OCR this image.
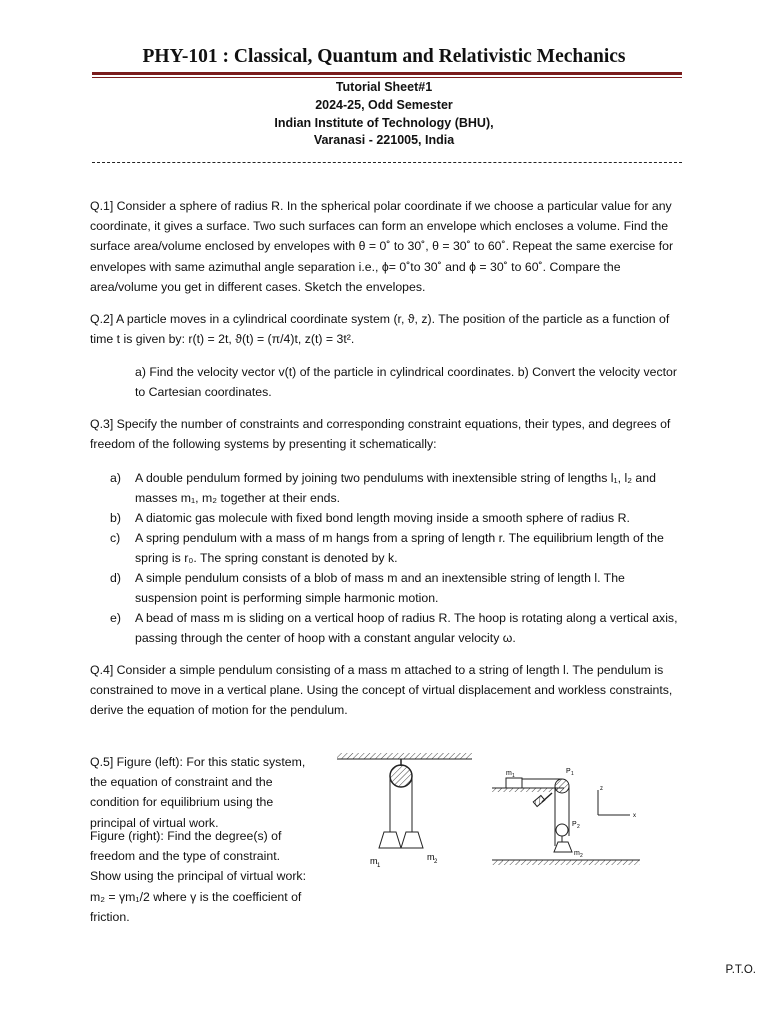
PHY-101 : Classical, Quantum and Relativistic Mechanics
Tutorial Sheet#1
2024-25, Odd Semester
Indian Institute of Technology (BHU),
Varanasi - 221005, India
Q.1] Consider a sphere of radius R. In the spherical polar coordinate if we choose a particular value for any coordinate, it gives a surface. Two such surfaces can form an envelope which encloses a volume. Find the surface area/volume enclosed by envelopes with θ = 0˚ to 30˚, θ = 30˚ to 60˚. Repeat the same exercise for envelopes with same azimuthal angle separation i.e., ϕ= 0˚to 30˚ and ϕ = 30˚ to 60˚. Compare the area/volume you get in different cases. Sketch the envelopes.
Q.2] A particle moves in a cylindrical coordinate system (r, ϑ, z). The position of the particle as a function of time t is given by: r(t) = 2t, ϑ(t) = (π/4)t, z(t) = 3t².
a) Find the velocity vector v(t) of the particle in cylindrical coordinates. b) Convert the velocity vector to Cartesian coordinates.
Q.3] Specify the number of constraints and corresponding constraint equations, their types, and degrees of freedom of the following systems by presenting it schematically:
a) A double pendulum formed by joining two pendulums with inextensible string of lengths l₁, l₂ and masses m₁, m₂ together at their ends.
b) A diatomic gas molecule with fixed bond length moving inside a smooth sphere of radius R.
c) A spring pendulum with a mass of m hangs from a spring of length r. The equilibrium length of the spring is r₀. The spring constant is denoted by k.
d) A simple pendulum consists of a blob of mass m and an inextensible string of length l. The suspension point is performing simple harmonic motion.
e) A bead of mass m is sliding on a vertical hoop of radius R. The hoop is rotating along a vertical axis, passing through the center of hoop with a constant angular velocity ω.
Q.4] Consider a simple pendulum consisting of a mass m attached to a string of length l. The pendulum is constrained to move in a vertical plane. Using the concept of virtual displacement and workless constraints, derive the equation of motion for the pendulum.
Q.5] Figure (left): For this static system, the equation of constraint and the condition for equilibrium using the principal of virtual work.
Figure (right): Find the degree(s) of freedom and the type of constraint. Show using the principal of virtual work: m₂ = γm₁/2 where γ is the coefficient of friction.
m 1
m 2
m 1
P 1
P 2
m 2
z
x
P.T.O.
